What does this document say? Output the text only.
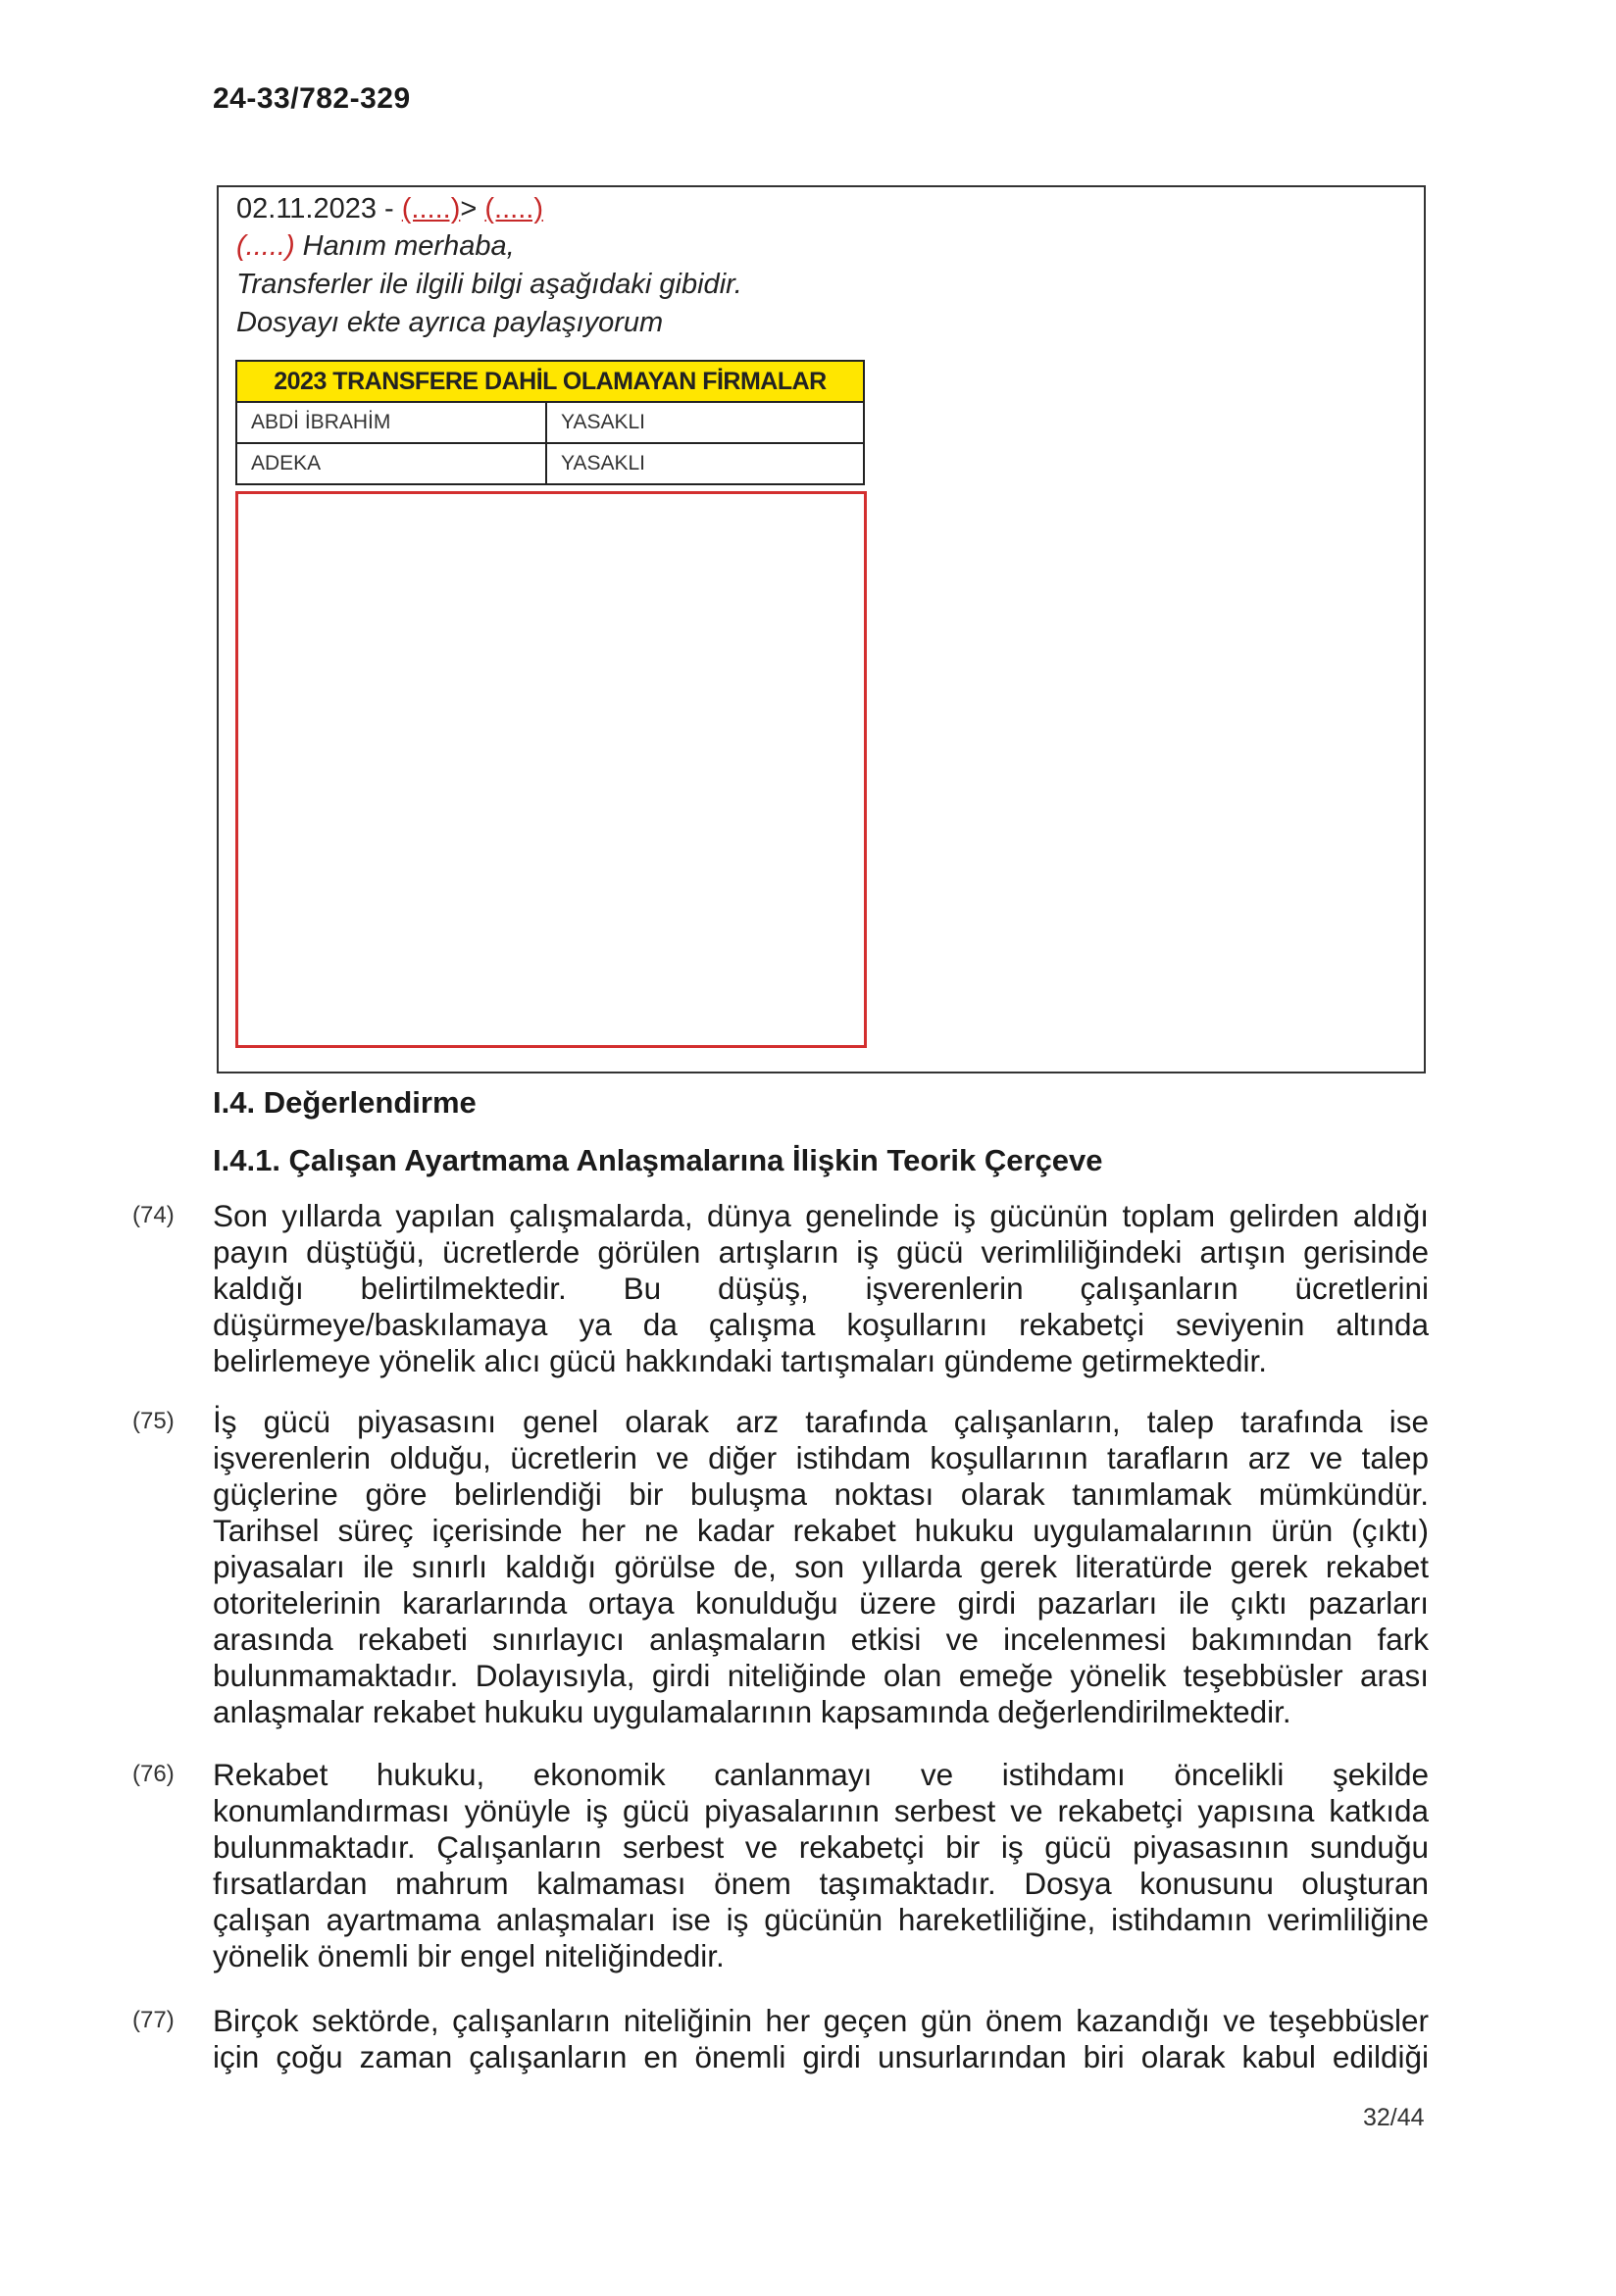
24-33/782-329
02.11.2023 - (.....)> (.....)
(.....) Hanım merhaba,
Transferler ile ilgili bilgi aşağıdaki gibidir.
Dosyayı ekte ayrıca paylaşıyorum
2023 TRANSFERE DAHİL OLAMAYAN FİRMALAR	
ABDİ İBRAHİM	YASAKLI
ADEKA	YASAKLI
I.4. Değerlendirme
I.4.1. Çalışan Ayartmama Anlaşmalarına İlişkin Teorik Çerçeve
(74) Son yıllarda yapılan çalışmalarda, dünya genelinde iş gücünün toplam gelirden aldığı
payın düştüğü, ücretlerde görülen artışların iş gücü verimliliğindeki artışın gerisinde
kaldığı belirtilmektedir. Bu düşüş, işverenlerin çalışanların ücretlerini
düşürmeye/baskılamaya ya da çalışma koşullarını rekabetçi seviyenin altında
belirlemeye yönelik alıcı gücü hakkındaki tartışmaları gündeme getirmektedir.
(75) İş gücü piyasasını genel olarak arz tarafında çalışanların, talep tarafında ise
işverenlerin olduğu, ücretlerin ve diğer istihdam koşullarının tarafların arz ve talep
güçlerine göre belirlendiği bir buluşma noktası olarak tanımlamak mümkündür.
Tarihsel süreç içerisinde her ne kadar rekabet hukuku uygulamalarının ürün (çıktı)
piyasaları ile sınırlı kaldığı görülse de, son yıllarda gerek literatürde gerek rekabet
otoritelerinin kararlarında ortaya konulduğu üzere girdi pazarları ile çıktı pazarları
arasında rekabeti sınırlayıcı anlaşmaların etkisi ve incelenmesi bakımından fark
bulunmamaktadır. Dolayısıyla, girdi niteliğinde olan emeğe yönelik teşebbüsler arası
anlaşmalar rekabet hukuku uygulamalarının kapsamında değerlendirilmektedir.
(76) Rekabet hukuku, ekonomik canlanmayı ve istihdamı öncelikli şekilde
konumlandırması yönüyle iş gücü piyasalarının serbest ve rekabetçi yapısına katkıda
bulunmaktadır. Çalışanların serbest ve rekabetçi bir iş gücü piyasasının sunduğu
fırsatlardan mahrum kalmaması önem taşımaktadır. Dosya konusunu oluşturan
çalışan ayartmama anlaşmaları ise iş gücünün hareketliliğine, istihdamın verimliliğine
yönelik önemli bir engel niteliğindedir.
(77) Birçok sektörde, çalışanların niteliğinin her geçen gün önem kazandığı ve teşebbüsler
için çoğu zaman çalışanların en önemli girdi unsurlarından biri olarak kabul edildiği
32/44
